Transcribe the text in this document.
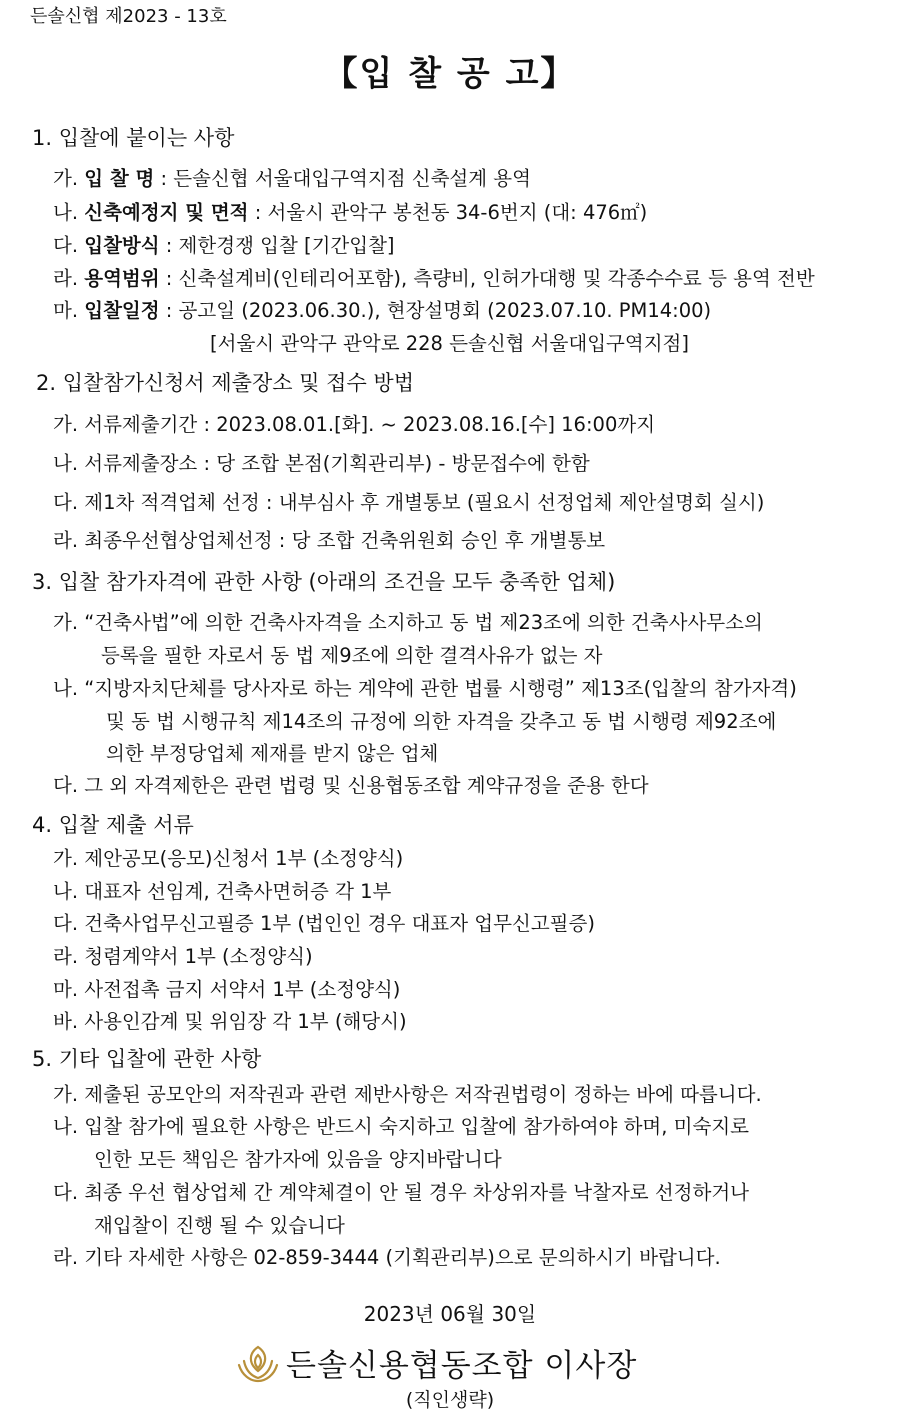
든솔신협 제2023 - 13호
【입 찰 공 고】
1. 입찰에 붙이는 사항
가. 입 찰 명 : 든솔신협 서울대입구역지점 신축설계 용역
나. 신축예정지 및 면적 : 서울시 관악구 봉천동 34-6번지 (대: 476㎡)
다. 입찰방식 : 제한경쟁 입찰 [기간입찰]
라. 용역범위 : 신축설계비(인테리어포함), 측량비, 인허가대행 및 각종수수료 등 용역 전반
마. 입찰일정 : 공고일 (2023.06.30.), 현장설명회 (2023.07.10. PM14:00)
[서울시 관악구 관악로 228 든솔신협 서울대입구역지점]
2. 입찰참가신청서 제출장소 및 접수 방법
가. 서류제출기간 : 2023.08.01.[화]. ~ 2023.08.16.[수] 16:00까지
나. 서류제출장소 : 당 조합 본점(기획관리부) - 방문접수에 한함
다. 제1차 적격업체 선정 : 내부심사 후 개별통보 (필요시 선정업체 제안설명회 실시)
라. 최종우선협상업체선정 : 당 조합 건축위원회 승인 후 개별통보
3. 입찰 참가자격에 관한 사항 (아래의 조건을 모두 충족한 업체)
가. “건축사법”에 의한 건축사자격을 소지하고 동 법 제23조에 의한 건축사사무소의
등록을 필한 자로서 동 법 제9조에 의한 결격사유가 없는 자
나. “지방자치단체를 당사자로 하는 계약에 관한 법률 시행령” 제13조(입찰의 참가자격)
및 동 법 시행규칙 제14조의 규정에 의한 자격을 갖추고 동 법 시행령 제92조에
의한 부정당업체 제재를 받지 않은 업체
다. 그 외 자격제한은 관련 법령 및 신용협동조합 계약규정을 준용 한다
4. 입찰 제출 서류
가. 제안공모(응모)신청서 1부 (소정양식)
나. 대표자 선임계, 건축사면허증 각 1부
다. 건축사업무신고필증 1부 (법인인 경우 대표자 업무신고필증)
라. 청렴계약서 1부 (소정양식)
마. 사전접촉 금지 서약서 1부 (소정양식)
바. 사용인감계 및 위임장 각 1부 (해당시)
5. 기타 입찰에 관한 사항
가. 제출된 공모안의 저작권과 관련 제반사항은 저작권법령이 정하는 바에 따릅니다.
나. 입찰 참가에 필요한 사항은 반드시 숙지하고 입찰에 참가하여야 하며, 미숙지로
인한 모든 책임은 참가자에 있음을 양지바랍니다
다. 최종 우선 협상업체 간 계약체결이 안 될 경우 차상위자를 낙찰자로 선정하거나
재입찰이 진행 될 수 있습니다
라. 기타 자세한 사항은 02-859-3444 (기획관리부)으로 문의하시기 바랍니다.
2023년 06월 30일
든솔신용협동조합 이사장
(직인생략)
